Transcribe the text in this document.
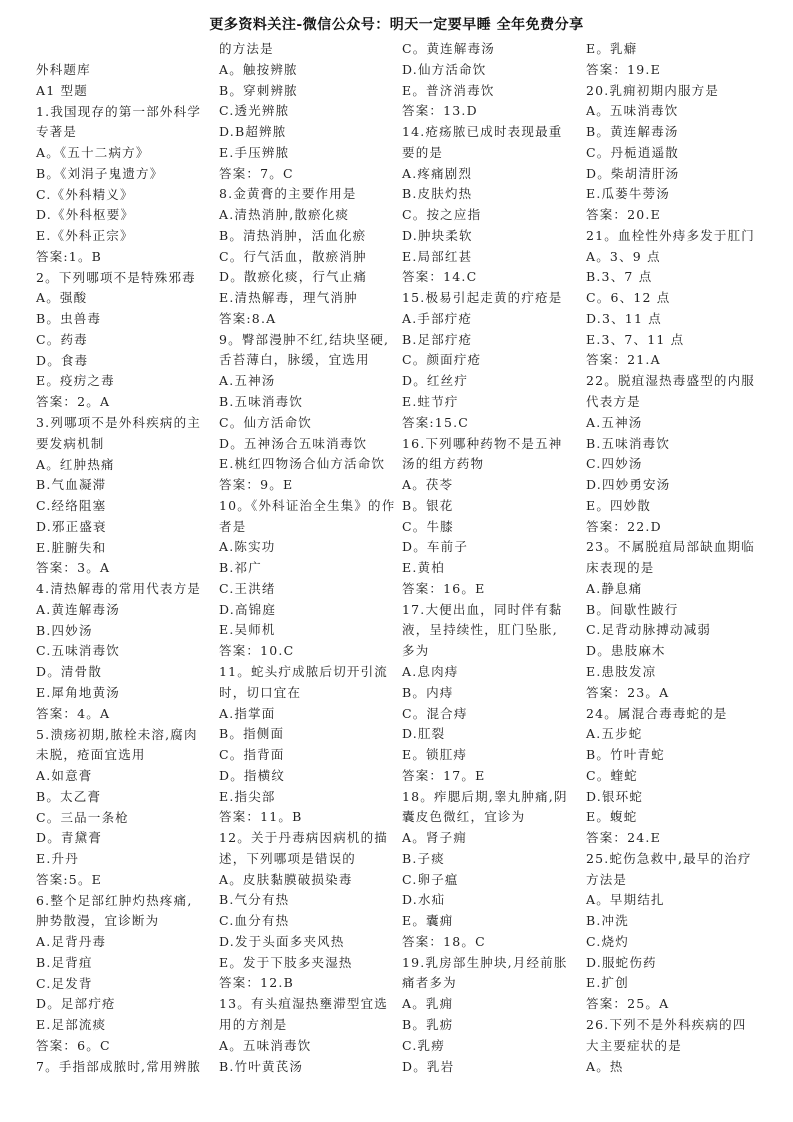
更多资料关注-微信公众号：明天一定要早睡 全年免费分享
外科题库
A1 型题
1.我国现存的第一部外科学
专著是
A。《五十二病方》
B。《刘涓子鬼遗方》
C.《外科精义》
D.《外科枢要》
E.《外科正宗》
答案:1。B
2。下列哪项不是特殊邪毒
A。强酸
B。虫兽毒
C。药毒
D。食毒
E。疫疠之毒
答案：2。A
3.列哪项不是外科疾病的主
要发病机制
A。红肿热痛
B.气血凝滞
C.经络阻塞
D.邪正盛衰
E.脏腑失和
答案：3。A
4.清热解毒的常用代表方是
A.黄连解毒汤
B.四妙汤
C.五味消毒饮
D。清骨散
E.犀角地黄汤
答案：4。A
5.溃疡初期,脓栓未溶,腐肉
未脱，疮面宜选用
A.如意膏
B。太乙膏
C。三品一条枪
D。青黛膏
E.升丹
答案:5。E
6.整个足部红肿灼热疼痛,
肿势散漫，宜诊断为
A.足背丹毒
B.足背疽
C.足发背
D。足部疔疮
E.足部流痰
答案：6。C
7。手指部成脓时,常用辨脓
的方法是
A。触按辨脓
B。穿刺辨脓
C.透光辨脓
D.B超辨脓
E.手压辨脓
答案：7。C
8.金黄膏的主要作用是
A.清热消肿,散瘀化痰
B。清热消肿，活血化瘀
C。行气活血，散瘀消肿
D。散瘀化痰，行气止痛
E.清热解毒，理气消肿
答案:8.A
9。臀部漫肿不红,结块坚硬,
舌苔薄白，脉缓，宜选用
A.五神汤
B.五味消毒饮
C。仙方活命饮
D。五神汤合五味消毒饮
E.桃红四物汤合仙方活命饮
答案：9。E
10。《外科证治全生集》的作
者是
A.陈实功
B.祁广
C.王洪绪
D.高锦庭
E.吴师机
答案：10.C
11。蛇头疔成脓后切开引流
时，切口宜在
A.指掌面
B。指侧面
C。指背面
D。指横纹
E.指尖部
答案：11。B
12。关于丹毒病因病机的描
述，下列哪项是错误的
A。皮肤黏膜破损染毒
B.气分有热
C.血分有热
D.发于头面多夹风热
E。发于下肢多夹湿热
答案：12.B
13。有头疽湿热壅滞型宜选
用的方剂是
A。五味消毒饮
B.竹叶黄芪汤
C。黄连解毒汤
D.仙方活命饮
E。普济消毒饮
答案：13.D
14.疮疡脓已成时表现最重
要的是
A.疼痛剧烈
B.皮肤灼热
C。按之应指
D.肿块柔软
E.局部红甚
答案：14.C
15.极易引起走黄的疔疮是
A.手部疔疮
B.足部疔疮
C。颜面疔疮
D。红丝疔
E.蛀节疔
答案:15.C
16.下列哪种药物不是五神
汤的组方药物
A。茯苓
B。银花
C。牛膝
D。车前子
E.黄柏
答案：16。E
17.大便出血，同时伴有黏
液，呈持续性，肛门坠胀,
多为
A.息肉痔
B。内痔
C。混合痔
D.肛裂
E。锁肛痔
答案：17。E
18。痄腮后期,睾丸肿痛,阴
囊皮色微红，宜诊为
A。肾子痈
B.子痰
C.卵子瘟
D.水疝
E。囊痈
答案：18。C
19.乳房部生肿块,月经前胀
痛者多为
A。乳痈
B。乳疬
C.乳痨
D。乳岩
E。乳癖
答案：19.E
20.乳痈初期内服方是
A。五味消毒饮
B。黄连解毒汤
C。丹栀逍遥散
D。柴胡清肝汤
E.瓜蒌牛蒡汤
答案：20.E
21。血栓性外痔多发于肛门
A。3、9 点
B.3、7 点
C。6、12 点
D.3、11 点
E.3、7、11 点
答案：21.A
22。脱疽湿热毒盛型的内服
代表方是
A.五神汤
B.五味消毒饮
C.四妙汤
D.四妙勇安汤
E。四妙散
答案：22.D
23。不属脱疽局部缺血期临
床表现的是
A.静息痛
B。间歇性跛行
C.足背动脉搏动减弱
D。患肢麻木
E.患肢发凉
答案：23。A
24。属混合毒毒蛇的是
A.五步蛇
B。竹叶青蛇
C。蝰蛇
D.银环蛇
E。蝮蛇
答案：24.E
25.蛇伤急救中,最早的治疗
方法是
A。早期结扎
B.冲洗
C.烧灼
D.服蛇伤药
E.扩创
答案：25。A
26.下列不是外科疾病的四
大主要症状的是
A。热
